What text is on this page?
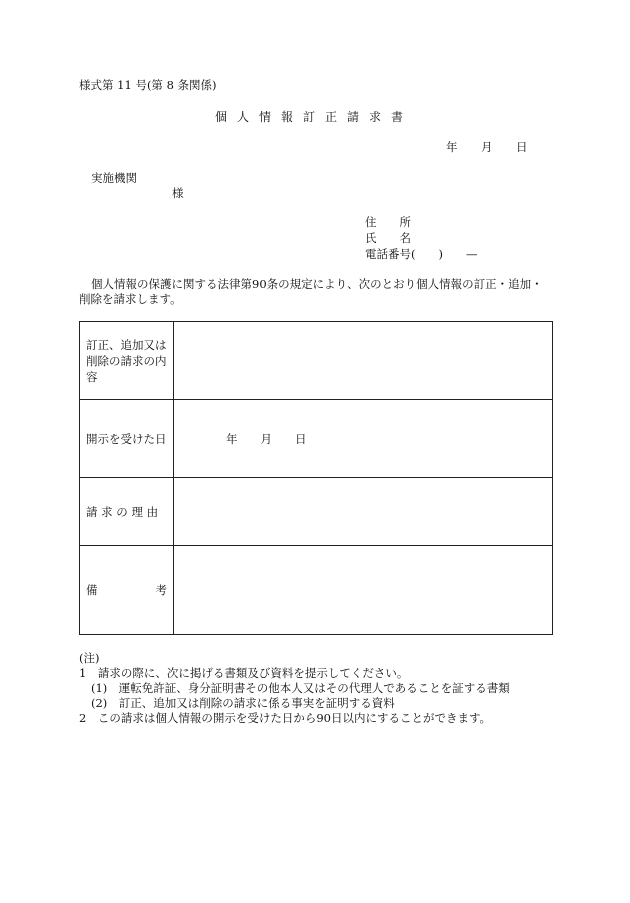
様式第 11 号(第 8 条関係)
個人情報訂正請求書
年 月 日
実施機関
様
住　　所
氏　　名
電話番号(　　)　　—
個人情報の保護に関する法律第90条の規定により、次のとおり個人情報の訂正・追加・
削除を請求します。
訂正、追加又は削除の請求の内容	
開示を受けた日	年　　月　　日
請 求 の 理 由	

備 考	

(注)
1　請求の際に、次に掲げる書類及び資料を提示してください。
(1)　運転免許証、身分証明書その他本人又はその代理人であることを証する書類
(2)　訂正、追加又は削除の請求に係る事実を証明する資料
2　この請求は個人情報の開示を受けた日から90日以内にすることができます。
